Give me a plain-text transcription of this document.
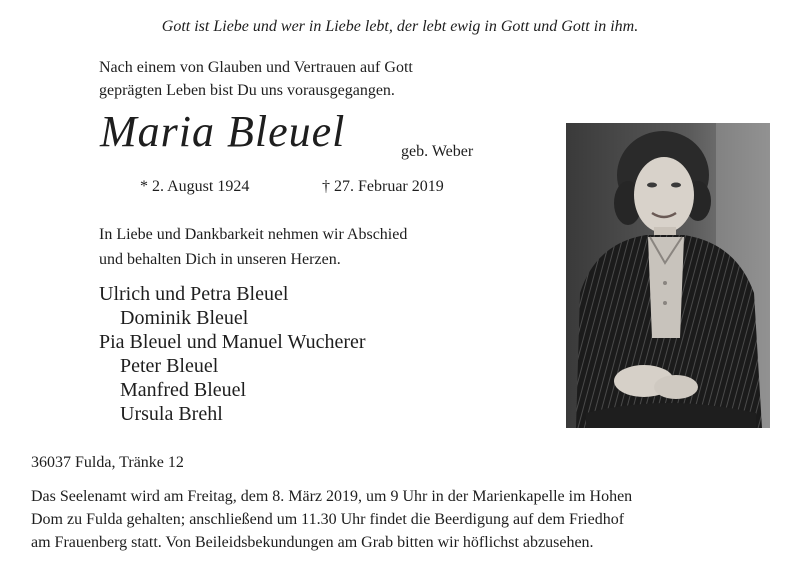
Gott ist Liebe und wer in Liebe lebt, der lebt ewig in Gott und Gott in ihm.
Nach einem von Glauben und Vertrauen auf Gott
geprägten Leben bist Du uns vorausgegangen.
Maria Bleuel	geb. Weber
* 2. August 1924	† 27. Februar 2019
In Liebe und Dankbarkeit nehmen wir Abschied
und behalten Dich in unseren Herzen.
Ulrich und Petra Bleuel
Dominik Bleuel
Pia Bleuel und Manuel Wucherer
Peter Bleuel
Manfred Bleuel
Ursula Brehl
36037 Fulda, Tränke 12
Das Seelenamt wird am Freitag, dem 8. März 2019, um 9 Uhr in der Marienkapelle im Hohen
Dom zu Fulda gehalten; anschließend um 11.30 Uhr findet die Beerdigung auf dem Friedhof
am Frauenberg statt. Von Beileidsbekundungen am Grab bitten wir höflichst abzusehen.
